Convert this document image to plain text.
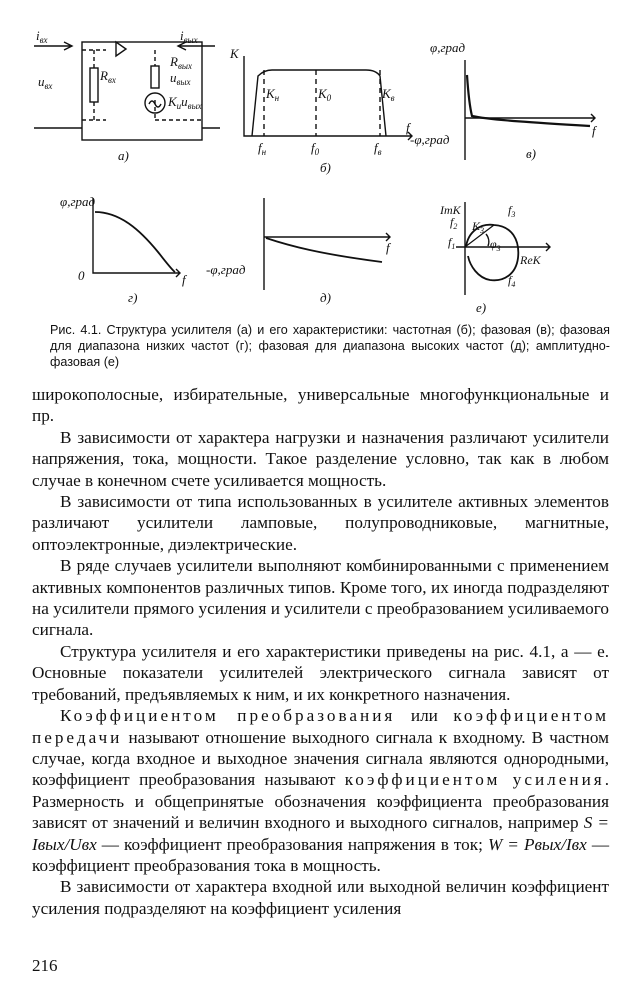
$i_{вх}$	$i_{вых}$
$u_{вх}$
$R_{вх}$
$R_{вых}$
$u_{вых}$
$K_uu_{вых}$
а)
K
f
$K_н$	$K_0$	$K_в$
$f_н$	$f_0$	$f_в$
б)
φ,град
-φ,град
f
в)
φ,град
0	f
г)
-φ,град
f
д)
ImK
ReK
$f_1$
$f_2$
$f_3$
$f_4$
$K_3$
$\varphi_3$
е)

Рис. 4.1. Структура усилителя (а) и его характеристики: частотная (б); фазовая (в); фазовая для диапазона низких частот (г); фазовая для диапазона высоких частот (д); амплитудно-фазовая (е)

широкополосные, избирательные, универсальные многофункциональные и пр.

В зависимости от характера нагрузки и назначения различают усилители напряжения, тока, мощности. Такое разделение условно, так как в любом случае в конечном счете усиливается мощность.

В зависимости от типа использованных в усилителе активных элементов различают усилители ламповые, полупроводниковые, магнитные, оптоэлектронные, диэлектрические.

В ряде случаев усилители выполняют комбинированными с применением активных компонентов различных типов. Кроме того, их иногда подразделяют на усилители прямого усиления и усилители с преобразованием усиливаемого сигнала.

Структура усилителя и его характеристики приведены на рис. 4.1, а — е. Основные показатели усилителей электрического сигнала зависят от требований, предъявляемых к ним, и их конкретного назначения.

Коэффициентом преобразования или коэффициентом передачи называют отношение выходного сигнала к входному. В частном случае, когда входное и выходное значения сигнала являются однородными, коэффициент преобразования называют коэффициентом усиления. Размерность и общепринятые обозначения коэффициента преобразования зависят от значений и величин входного и выходного сигналов, например S = Iвых/Uвх — коэффициент преобразования напряжения в ток; W = Pвых/Iвх — коэффициент преобразования тока в мощность.

В зависимости от характера входной или выходной величин коэффициент усиления подразделяют на коэффициент усиления

216
